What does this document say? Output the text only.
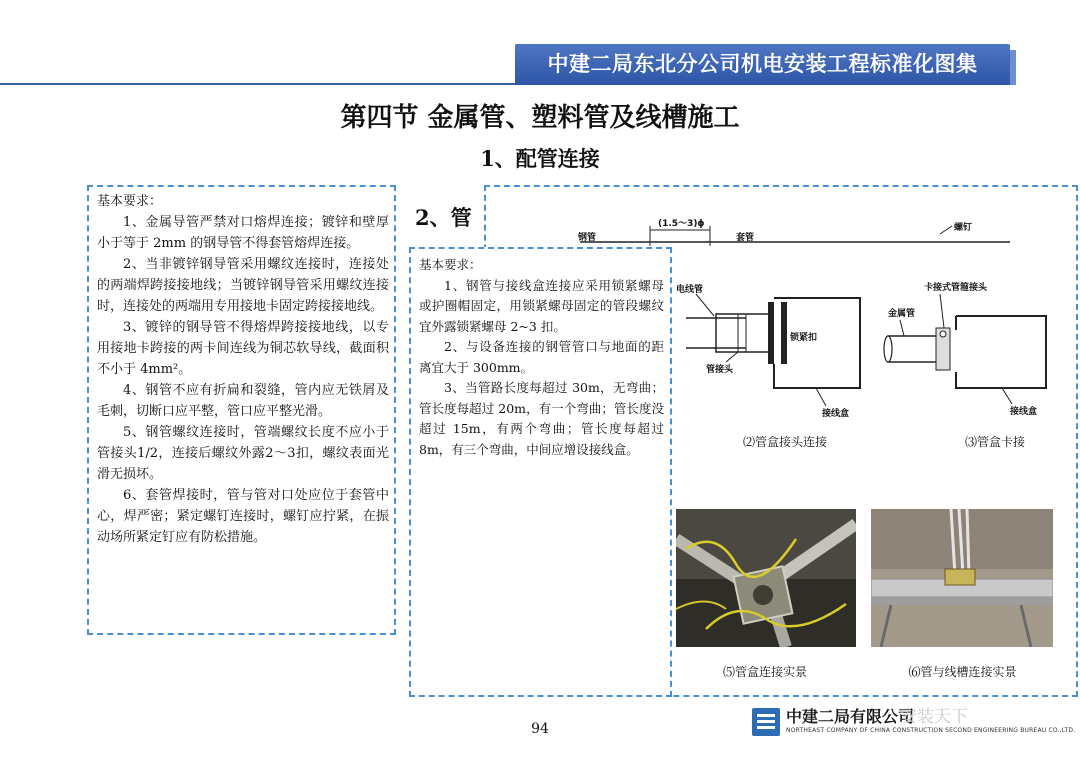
中建二局东北分公司机电安装工程标准化图集
第四节 金属管、塑料管及线槽施工
1、配管连接

基本要求：

1、金属导管严禁对口熔焊连接；镀锌和壁厚小于等于 2mm 的钢导管不得套管熔焊连接。

2、当非镀锌钢导管采用螺纹连接时，连接处的两端焊跨接接地线；当镀锌钢导管采用螺纹连接时，连接处的两端用专用接地卡固定跨接接地线。

3、镀锌的钢导管不得熔焊跨接接地线，以专用接地卡跨接的两卡间连线为铜芯软导线，截面积不小于 4mm²。

4、钢管不应有折扁和裂缝，管内应无铁屑及毛刺，切断口应平整，管口应平整光滑。

5、钢管螺纹连接时，管端螺纹长度不应小于管接头1/2，连接后螺纹外露2～3扣，螺纹表面光滑无损坏。

6、套管焊接时，管与管对口处应位于套管中心，焊严密；紧定螺钉连接时，螺钉应拧紧，在振动场所紧定钉应有防松措施。

2、管	(1.5～3)ϕ
钢管	套管
螺钉

基本要求：

1、钢管与接线盒连接应采用锁紧螺母或护圈帽固定，用锁紧螺母固定的管段螺纹宜外露锁紧螺母 2~3 扣。

2、与设备连接的钢管管口与地面的距离宜大于 300mm。

3、当管路长度每超过 30m，无弯曲；管长度每超过 20m，有一个弯曲；管长度没超过 15m，有两个弯曲；管长度每超过 8m，有三个弯曲，中间应增设接线盒。

电线管
锁紧扣
管接头
接线盒
⑵管盒接头连接
卡接式管箍接头
金属管
接线盒
⑶管盒卡接
⑸管盒连接实景	⑹管与线槽连接实景
94
中建二局有限公司
NORTHEAST COMPANY OF CHINA CONSTRUCTION SECOND ENGINEERING BUREAU CO.,LTD.
安装天下
